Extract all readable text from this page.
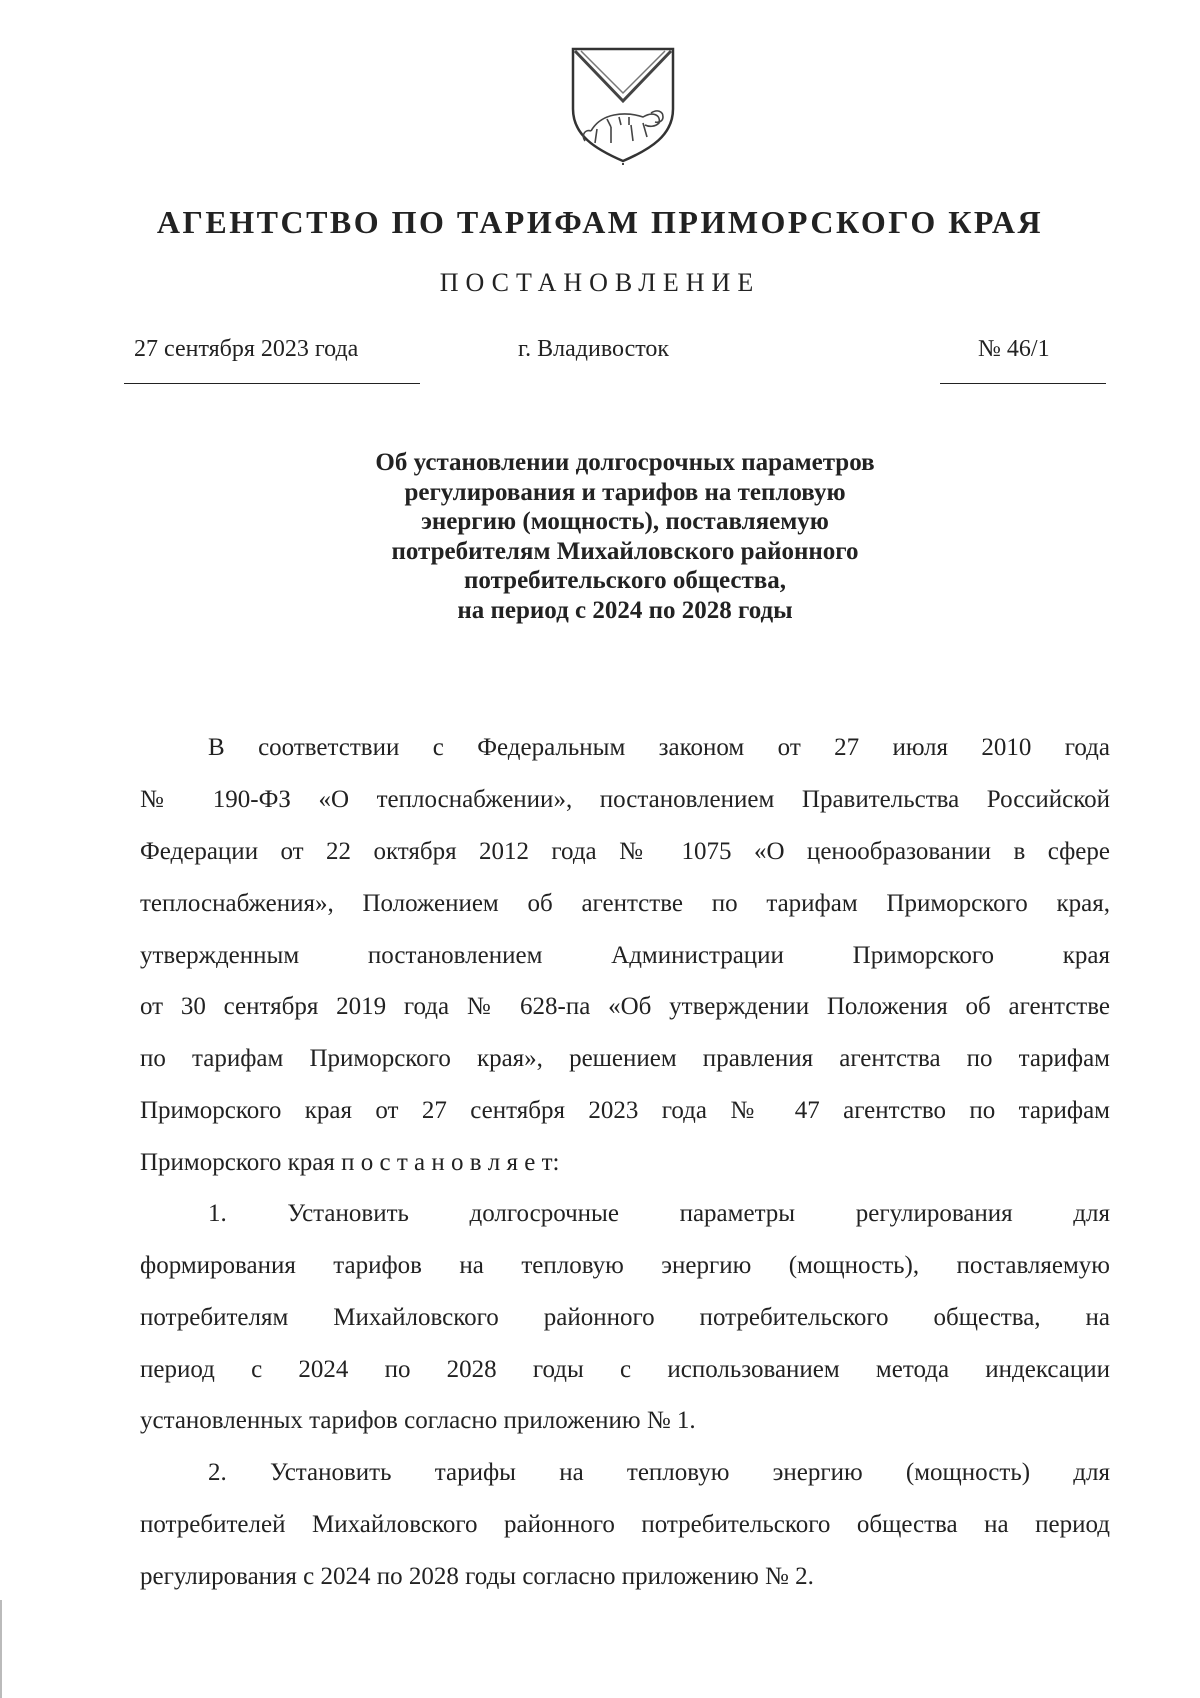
АГЕНТСТВО ПО ТАРИФАМ ПРИМОРСКОГО КРАЯ
ПОСТАНОВЛЕНИЕ
27 сентября 2023 года	г. Владивосток	№ 46/1
Об установлении долгосрочных параметров
регулирования и тарифов на тепловую
энергию (мощность), поставляемую
потребителям Михайловского районного
потребительского общества,
на период с 2024 по 2028 годы
В соответствии с Федеральным законом от 27 июля 2010 года
№ 190-ФЗ «О теплоснабжении», постановлением Правительства Российской
Федерации от 22 октября 2012 года № 1075 «О ценообразовании в сфере
теплоснабжения», Положением об агентстве по тарифам Приморского края,
утвержденным постановлением Администрации Приморского края
от 30 сентября 2019 года № 628-па «Об утверждении Положения об агентстве
по тарифам Приморского края», решением правления агентства по тарифам
Приморского края от 27 сентября 2023 года № 47 агентство по тарифам
Приморского края п о с т а н о в л я е т:
1. Установить долгосрочные параметры регулирования для
формирования тарифов на тепловую энергию (мощность), поставляемую
потребителям Михайловского районного потребительского общества, на
период с 2024 по 2028 годы с использованием метода индексации
установленных тарифов согласно приложению № 1.
2. Установить тарифы на тепловую энергию (мощность) для
потребителей Михайловского районного потребительского общества на период
регулирования с 2024 по 2028 годы согласно приложению № 2.
